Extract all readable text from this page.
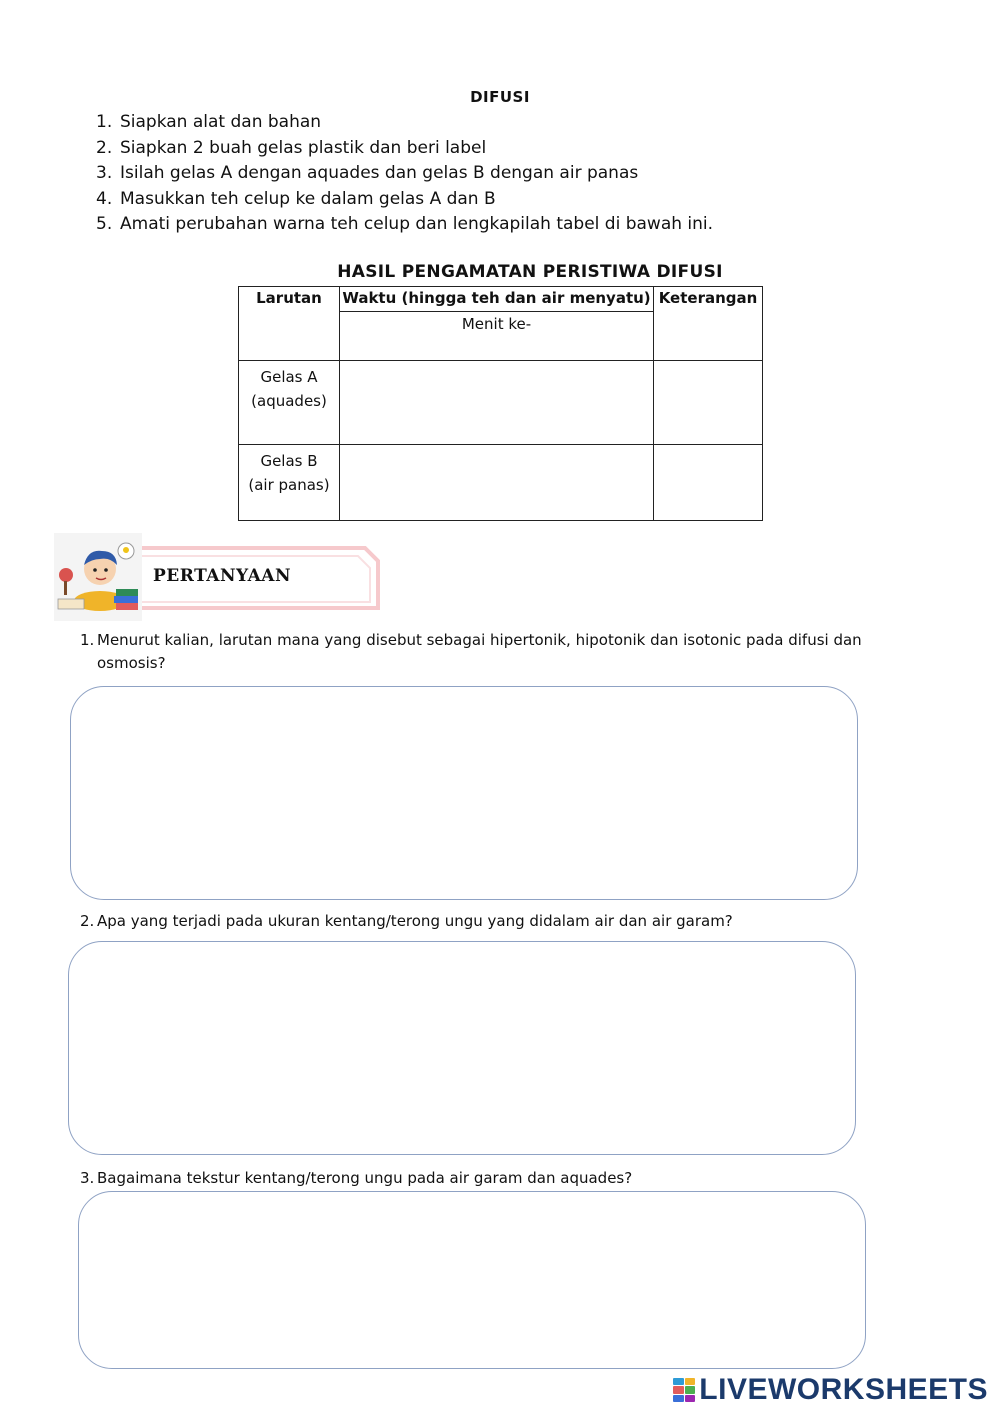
DIFUSI
1. Siapkan alat dan bahan
2. Siapkan 2 buah gelas plastik dan beri label
3. Isilah gelas A dengan aquades dan gelas B dengan air panas
4. Masukkan teh celup ke dalam gelas A dan B
5. Amati perubahan warna teh celup dan lengkapilah tabel di bawah ini.
HASIL PENGAMATAN PERISTIWA DIFUSI
Larutan	Waktu (hingga teh dan air menyatu)	Keterangan
	Menit ke-	

Gelas A
(aquades)		

Gelas B
(air panas)		

PERTANYAAN
1. Menurut kalian, larutan mana yang disebut sebagai hipertonik, hipotonik dan isotonic pada difusi dan osmosis?
2. Apa yang terjadi pada ukuran kentang/terong ungu yang didalam air dan air garam?
3. Bagaimana tekstur kentang/terong ungu pada air garam dan aquades?
LIVEWORKSHEETS
